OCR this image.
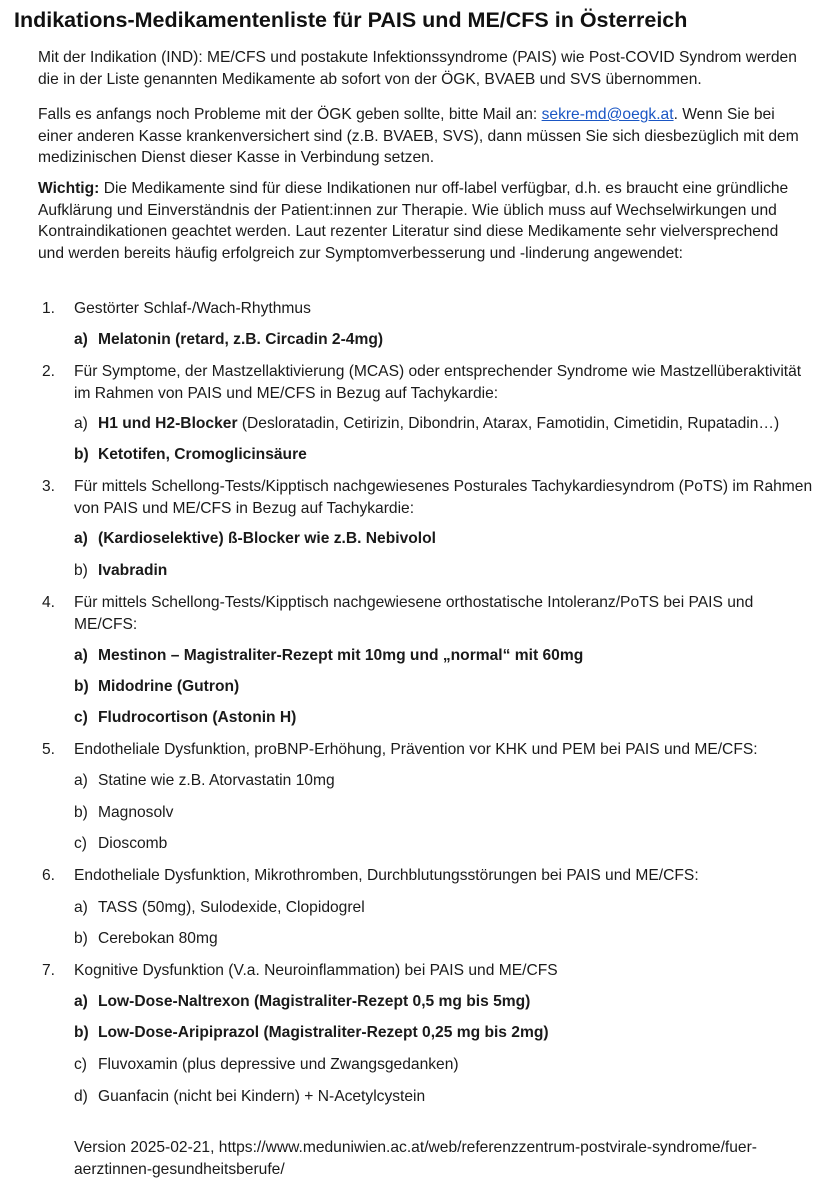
Indikations-Medikamentenliste für PAIS und ME/CFS in Österreich
Mit der Indikation (IND): ME/CFS und postakute Infektionssyndrome (PAIS) wie Post-COVID Syndrom werden die in der Liste genannten Medikamente ab sofort von der ÖGK, BVAEB und SVS übernommen.
Falls es anfangs noch Probleme mit der ÖGK geben sollte, bitte Mail an: sekre-md@oegk.at. Wenn Sie bei einer anderen Kasse krankenversichert sind (z.B. BVAEB, SVS), dann müssen Sie sich diesbezüglich mit dem medizinischen Dienst dieser Kasse in Verbindung setzen.
Wichtig: Die Medikamente sind für diese Indikationen nur off-label verfügbar, d.h. es braucht eine gründliche Aufklärung und Einverständnis der Patient:innen zur Therapie. Wie üblich muss auf Wechselwirkungen und Kontraindikationen geachtet werden. Laut rezenter Literatur sind diese Medikamente sehr vielversprechend und werden bereits häufig erfolgreich zur Symptomverbesserung und -linderung angewendet:
1. Gestörter Schlaf-/Wach-Rhythmus
a) Melatonin (retard, z.B. Circadin 2-4mg)
2. Für Symptome, der Mastzellaktivierung (MCAS) oder entsprechender Syndrome wie Mastzellüberaktivität im Rahmen von PAIS und ME/CFS in Bezug auf Tachykardie:
a) H1 und H2-Blocker (Desloratadin, Cetirizin, Dibondrin, Atarax, Famotidin, Cimetidin, Rupatadin…)
b) Ketotifen, Cromoglicinsäure
3. Für mittels Schellong-Tests/Kipptisch nachgewiesenes Posturales Tachykardiesyndrom (PoTS) im Rahmen von PAIS und ME/CFS in Bezug auf Tachykardie:
a) (Kardioselektive) ß-Blocker wie z.B. Nebivolol
b) Ivabradin
4. Für mittels Schellong-Tests/Kipptisch nachgewiesene orthostatische Intoleranz/PoTS bei PAIS und ME/CFS:
a) Mestinon – Magistraliter-Rezept mit 10mg und „normal“ mit 60mg
b) Midodrine (Gutron)
c) Fludrocortison (Astonin H)
5. Endotheliale Dysfunktion, proBNP-Erhöhung, Prävention vor KHK und PEM bei PAIS und ME/CFS:
a) Statine wie z.B. Atorvastatin 10mg
b) Magnosolv
c) Dioscomb
6. Endotheliale Dysfunktion, Mikrothromben, Durchblutungsstörungen bei PAIS und ME/CFS:
a) TASS (50mg), Sulodexide, Clopidogrel
b) Cerebokan 80mg
7. Kognitive Dysfunktion (V.a. Neuroinflammation) bei PAIS und ME/CFS
a) Low-Dose-Naltrexon (Magistraliter-Rezept 0,5 mg bis 5mg)
b) Low-Dose-Aripiprazol (Magistraliter-Rezept 0,25 mg bis 2mg)
c) Fluvoxamin (plus depressive und Zwangsgedanken)
d) Guanfacin (nicht bei Kindern) + N-Acetylcystein
Version 2025-02-21, https://www.meduniwien.ac.at/web/referenzzentrum-postvirale-syndrome/fuer-aerztinnen-gesundheitsberufe/
